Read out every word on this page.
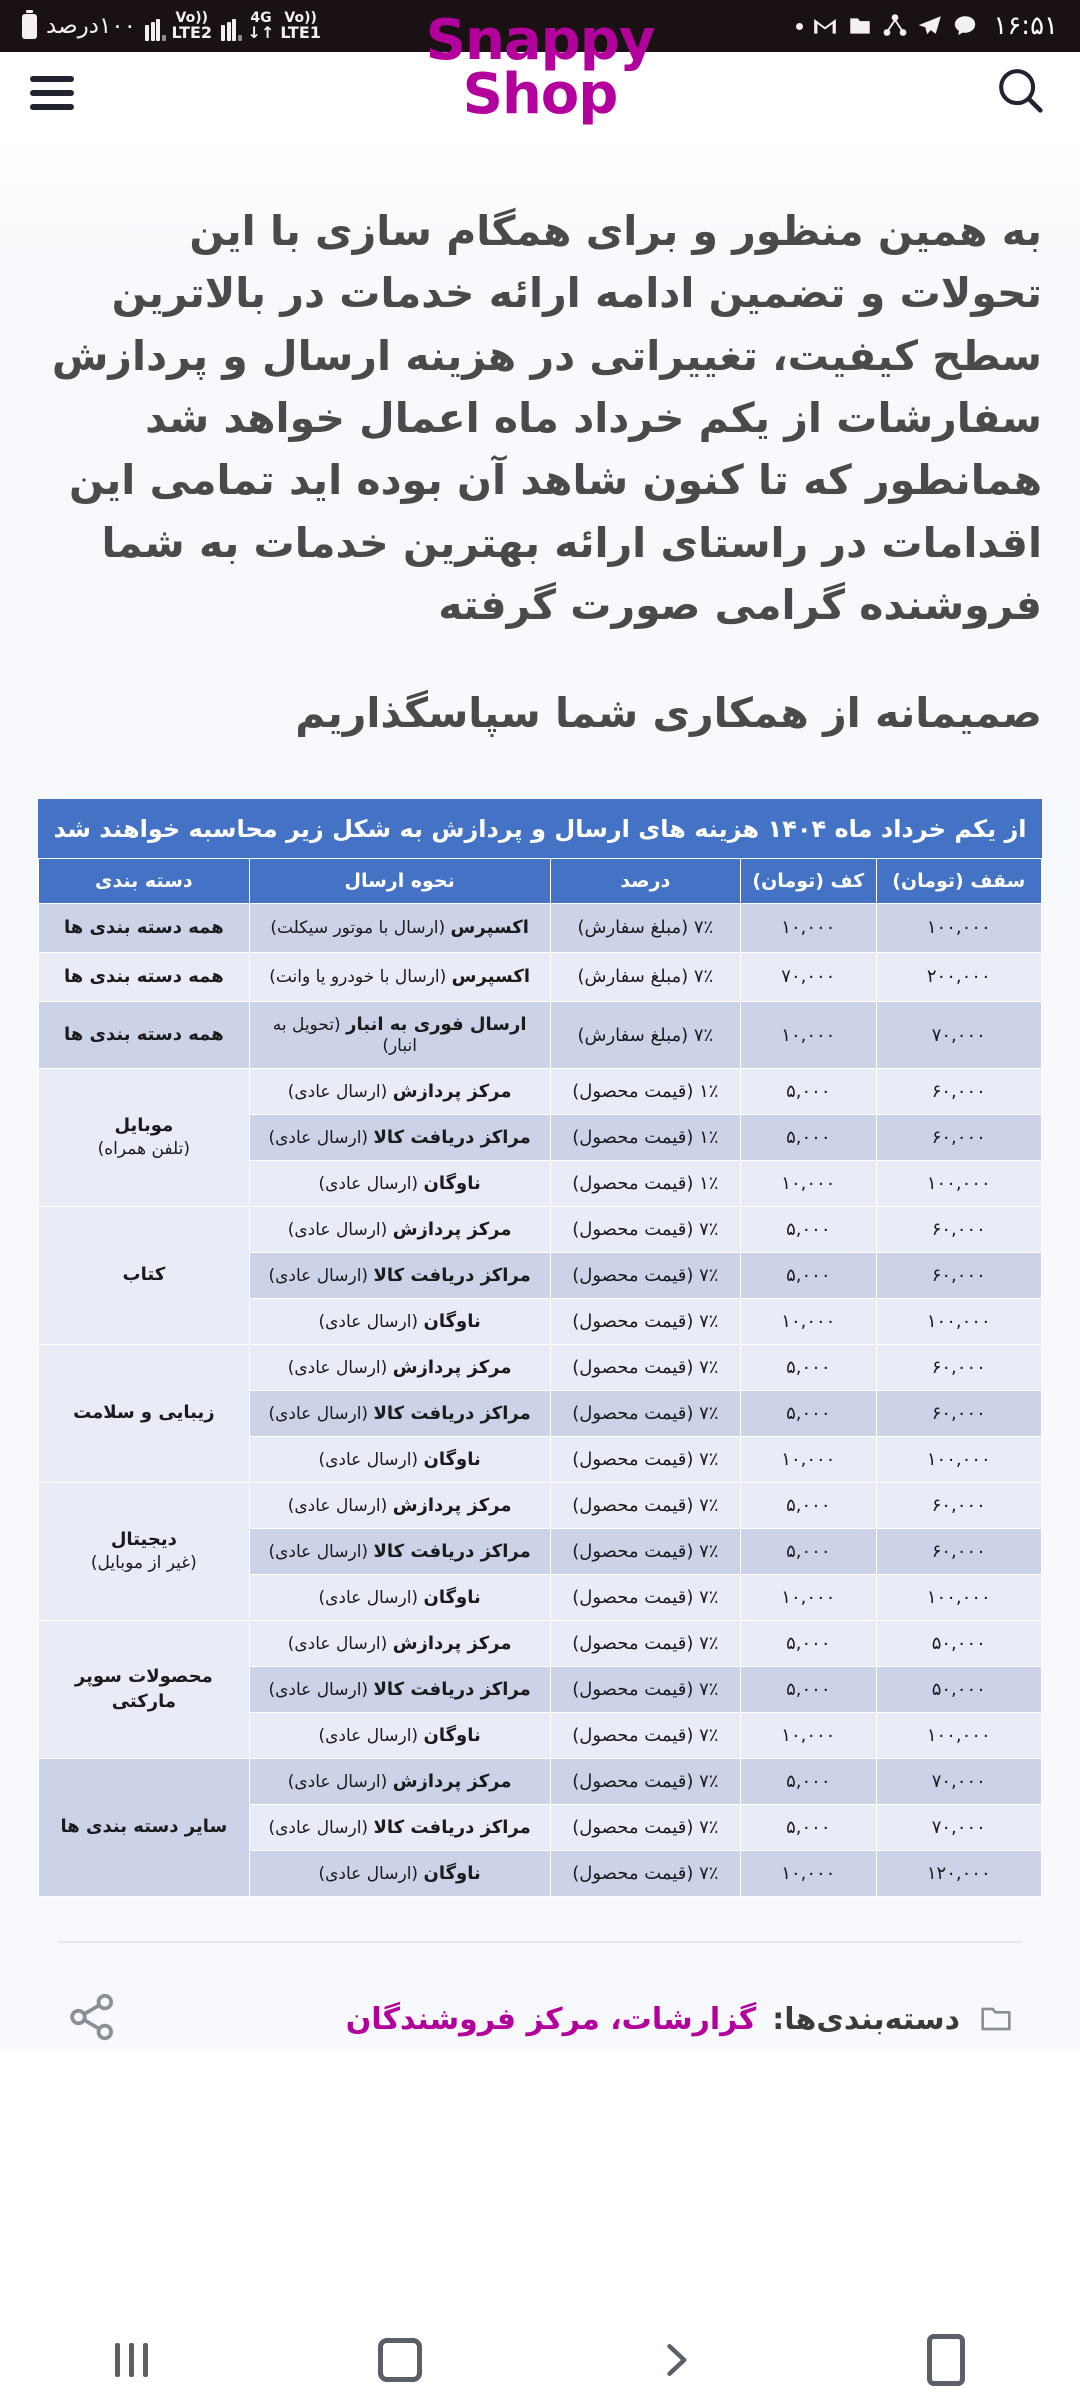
۱۰۰درصد	Vo))
LTE2
4G
↓↑
Vo))
LTE1	۱۶:۵۱
Snappy
Shop

به همین منظور و برای همگام سازی با این تحولات و تضمین ادامه ارائه خدمات در بالاترین سطح کیفیت، تغییراتی در هزینه ارسال و پردازش سفارشات از یکم خرداد ماه اعمال خواهد شد

همانطور که تا کنون شاهد آن بوده اید تمامی این اقدامات در راستای ارائه بهترین خدمات به شما فروشنده گرامی صورت گرفته

صمیمانه از همکاری شما سپاسگذاریم

از یکم خرداد ماه ۱۴۰۴ هزینه های ارسال و پردازش به شکل زیر محاسبه خواهند شد
سقف (تومان)	کف (تومان)	درصد	نحوه ارسال	دسته بندی
۱۰۰,۰۰۰	۱۰,۰۰۰	۷٪ (مبلغ سفارش)	اکسپرس (ارسال با موتور سیکلت)	همه دسته بندی ها
۲۰۰,۰۰۰	۷۰,۰۰۰	۷٪ (مبلغ سفارش)	اکسپرس (ارسال با خودرو یا وانت)	همه دسته بندی ها
۷۰,۰۰۰	۱۰,۰۰۰	۷٪ (مبلغ سفارش)	ارسال فوری به انبار (تحویل به انبار)	همه دسته بندی ها
۶۰,۰۰۰	۵,۰۰۰	۱٪ (قیمت محصول)	مرکز پردازش (ارسال عادی)	موبایل
(تلفن همراه)

۶۰,۰۰۰	۵,۰۰۰	۱٪ (قیمت محصول)	مراکز دریافت کالا (ارسال عادی)	
۱۰۰,۰۰۰	۱۰,۰۰۰	۱٪ (قیمت محصول)	ناوگان (ارسال عادی)	
۶۰,۰۰۰	۵,۰۰۰	۷٪ (قیمت محصول)	مرکز پردازش (ارسال عادی)	کتاب
۶۰,۰۰۰	۵,۰۰۰	۷٪ (قیمت محصول)	مراکز دریافت کالا (ارسال عادی)	
۱۰۰,۰۰۰	۱۰,۰۰۰	۷٪ (قیمت محصول)	ناوگان (ارسال عادی)	
۶۰,۰۰۰	۵,۰۰۰	۷٪ (قیمت محصول)	مرکز پردازش (ارسال عادی)	زیبایی و سلامت
۶۰,۰۰۰	۵,۰۰۰	۷٪ (قیمت محصول)	مراکز دریافت کالا (ارسال عادی)	
۱۰۰,۰۰۰	۱۰,۰۰۰	۷٪ (قیمت محصول)	ناوگان (ارسال عادی)	
۶۰,۰۰۰	۵,۰۰۰	۷٪ (قیمت محصول)	مرکز پردازش (ارسال عادی)	دیجیتال
(غیر از موبایل)

۶۰,۰۰۰	۵,۰۰۰	۷٪ (قیمت محصول)	مراکز دریافت کالا (ارسال عادی)	
۱۰۰,۰۰۰	۱۰,۰۰۰	۷٪ (قیمت محصول)	ناوگان (ارسال عادی)	
۵۰,۰۰۰	۵,۰۰۰	۷٪ (قیمت محصول)	مرکز پردازش (ارسال عادی)	محصولات سوپر مارکتی
۵۰,۰۰۰	۵,۰۰۰	۷٪ (قیمت محصول)	مراکز دریافت کالا (ارسال عادی)	
۱۰۰,۰۰۰	۱۰,۰۰۰	۷٪ (قیمت محصول)	ناوگان (ارسال عادی)	
۷۰,۰۰۰	۵,۰۰۰	۷٪ (قیمت محصول)	مرکز پردازش (ارسال عادی)	سایر دسته بندی ها
۷۰,۰۰۰	۵,۰۰۰	۷٪ (قیمت محصول)	مراکز دریافت کالا (ارسال عادی)	
۱۲۰,۰۰۰	۱۰,۰۰۰	۷٪ (قیمت محصول)	ناوگان (ارسال عادی)	
دسته‌بندی‌ها:
گزارشات، مرکز فروشندگان
